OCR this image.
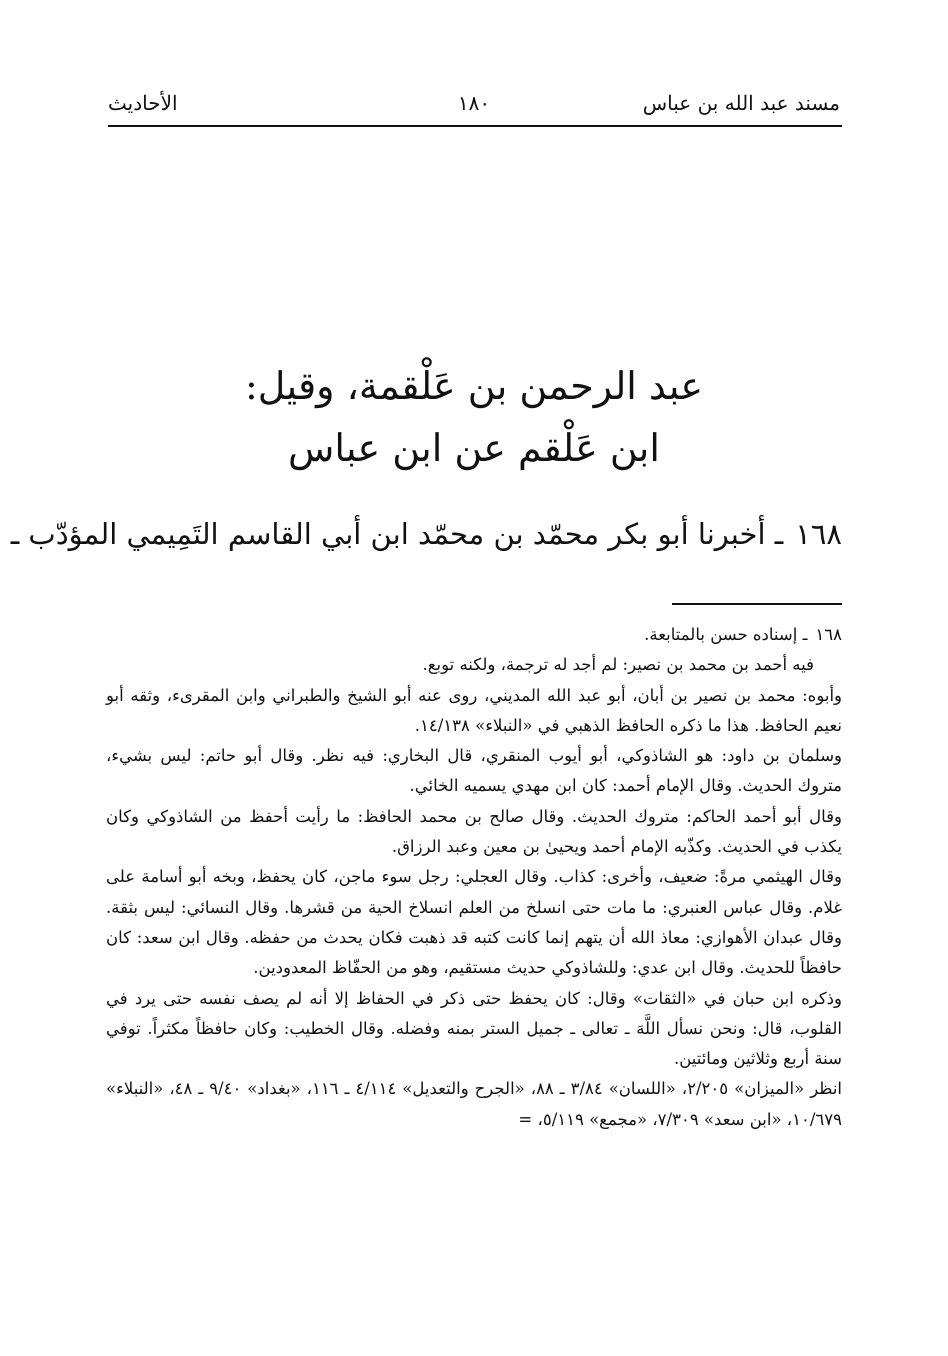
مسند عبد الله بن عباس
١٨٠
الأحاديث
عبد الرحمن بن عَلْقمة، وقيل:
ابن عَلْقم عن ابن عباس
١٦٨ـ أخبرنا أبو بكر محمّد بن محمّد ابن أبي القاسم التَمِيمي المؤدّب ـ
١٦٨ـ إسناده حسن بالمتابعة.

فيه أحمد بن محمد بن نصير: لم أجد له ترجمة، ولكنه توبع.

وأبوه: محمد بن نصير بن أبان، أبو عبد الله المديني، روى عنه أبو الشيخ والطبراني وابن المقرىء، وثقه أبو نعيم الحافظ. هذا ما ذكره الحافظ الذهبي في «النبلاء» ١٤/١٣٨.

وسلمان بن داود: هو الشاذوكي، أبو أيوب المنقري، قال البخاري: فيه نظر. وقال أبو حاتم: ليس بشيء، متروك الحديث. وقال الإمام أحمد: كان ابن مهدي يسميه الخائي.

وقال أبو أحمد الحاكم: متروك الحديث. وقال صالح بن محمد الحافظ: ما رأيت أحفظ من الشاذوكي وكان يكذب في الحديث. وكذّبه الإمام أحمد ويحيىٰ بن معين وعبد الرزاق.

وقال الهيثمي مرةً: ضعيف، وأخرى: كذاب. وقال العجلي: رجل سوء ماجن، كان يحفظ، وبخه أبو أسامة على غلام. وقال عباس العنبري: ما مات حتى انسلخ من العلم انسلاخ الحية من قشرها. وقال النسائي: ليس بثقة. وقال عبدان الأهوازي: معاذ الله أن يتهم إنما كانت كتبه قد ذهبت فكان يحدث من حفظه. وقال ابن سعد: كان حافظاً للحديث. وقال ابن عدي: وللشاذوكي حديث مستقيم، وهو من الحفّاظ المعدودين.

وذكره ابن حبان في «الثقات» وقال: كان يحفظ حتى ذكر في الحفاظ إلا أنه لم يصف نفسه حتى يرد في القلوب، قال: ونحن نسأل اللَّهَ ـ تعالى ـ جميل الستر بمنه وفضله. وقال الخطيب: وكان حافظاً مكثراً. توفي سنة أربع وثلاثين ومائتين.

انظر «الميزان» ٢/٢٠٥، «اللسان» ٣/٨٤ ـ ٨٨، «الجرح والتعديل» ٤/١١٤ ـ ١١٦، «بغداد» ٩/٤٠ ـ ٤٨، «النبلاء» ١٠/٦٧٩، «ابن سعد» ٧/٣٠٩، «مجمع» ٥/١١٩، =
